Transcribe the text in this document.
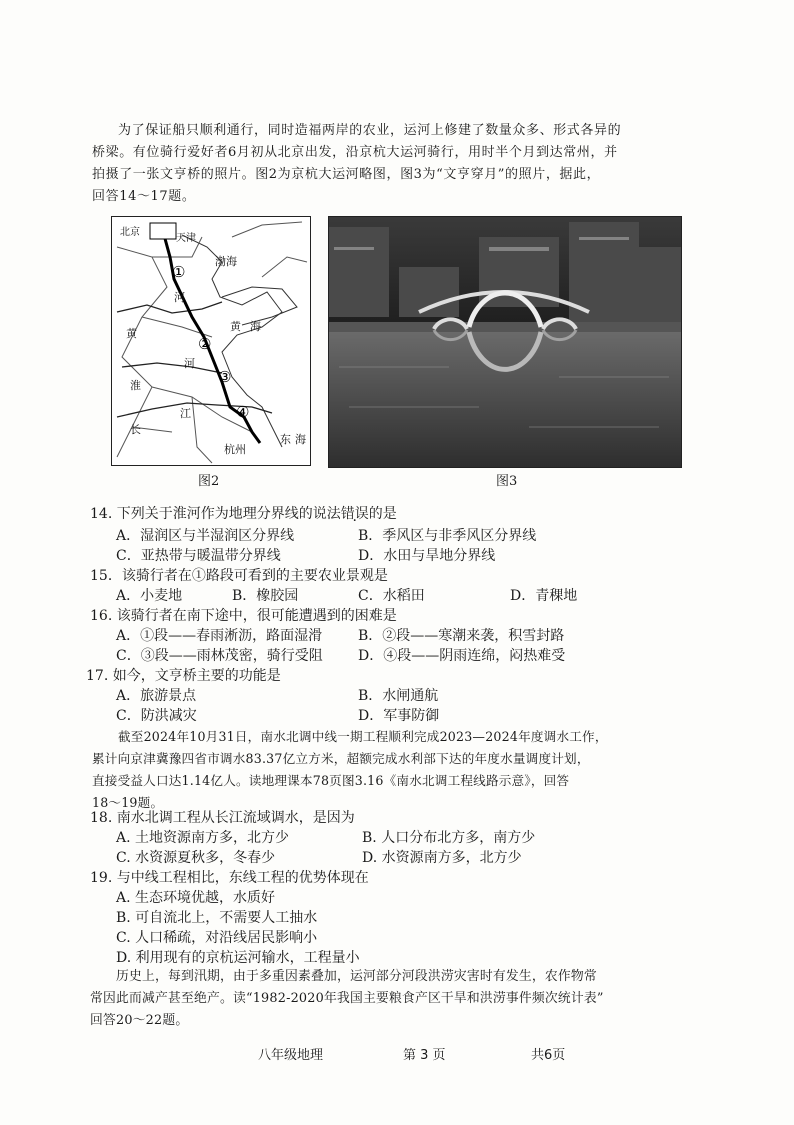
为了保证船只顺利通行，同时造福两岸的农业，运河上修建了数量众多、形式各异的
桥梁。有位骑行爱好者6月初从北京出发，沿京杭大运河骑行，用时半个月到达常州，并
拍摄了一张文亨桥的照片。图2为京杭大运河略图，图3为“文亨穿月”的照片，据此，
回答14～17题。
北京
天津
渤海
黄 海
河
黄
淮
河
江
长
杭州
东 海
①
②
③
④
图2	图3
14. 下列关于淮河作为地理分界线的说法错误的是
A．湿润区与半湿润区分界线	B．季风区与非季风区分界线
C．亚热带与暖温带分界线	D．水田与旱地分界线
15．该骑行者在①路段可看到的主要农业景观是
A．小麦地	B．橡胶园	C．水稻田	D．青稞地
16. 该骑行者在南下途中，很可能遭遇到的困难是
A．①段——春雨淅沥，路面湿滑	B．②段——寒潮来袭，积雪封路
C．③段——雨林茂密，骑行受阻	D．④段——阴雨连绵，闷热难受
17. 如今，文亨桥主要的功能是
A．旅游景点	B．水闸通航
C．防洪减灾	D．军事防御
截至2024年10月31日，南水北调中线一期工程顺利完成2023—2024年度调水工作，
累计向京津冀豫四省市调水83.37亿立方米，超额完成水利部下达的年度水量调度计划，
直接受益人口达1.14亿人。读地理课本78页图3.16《南水北调工程线路示意》，回答
18～19题。
18. 南水北调工程从长江流域调水，是因为
A. 土地资源南方多，北方少	B. 人口分布北方多，南方少
C. 水资源夏秋多，冬春少	D. 水资源南方多，北方少
19. 与中线工程相比，东线工程的优势体现在
A. 生态环境优越，水质好
B. 可自流北上，不需要人工抽水
C. 人口稀疏，对沿线居民影响小
D. 利用现有的京杭运河输水，工程量小
历史上，每到汛期，由于多重因素叠加，运河部分河段洪涝灾害时有发生，农作物常
常因此而减产甚至绝产。读“1982-2020年我国主要粮食产区干旱和洪涝事件频次统计表”
回答20～22题。
八年级地理	第 3 页	共6页
